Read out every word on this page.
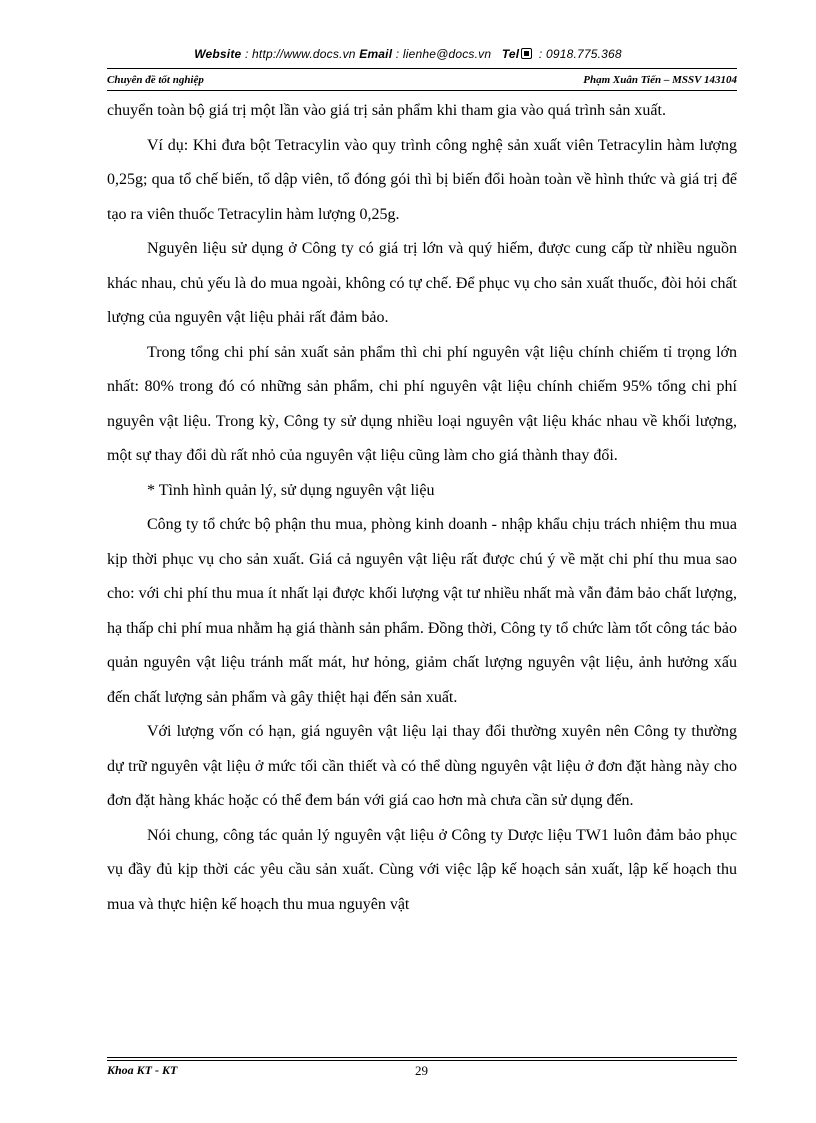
Website : http://www.docs.vn Email : lienhe@docs.vn Tel : 0918.775.368
Chuyên đề tốt nghiệp	Phạm Xuân Tiến – MSSV 143104

chuyển toàn bộ giá trị một lần vào giá trị sản phẩm khi tham gia vào quá trình sản xuất.

Ví dụ: Khi đưa bột Tetracylin vào quy trình công nghệ sản xuất viên Tetracylin hàm lượng 0,25g; qua tổ chế biến, tổ dập viên, tổ đóng gói thì bị biến đổi hoàn toàn về hình thức và giá trị để tạo ra viên thuốc Tetracylin hàm lượng 0,25g.

Nguyên liệu sử dụng ở Công ty có giá trị lớn và quý hiếm, được cung cấp từ nhiều nguồn khác nhau, chủ yếu là do mua ngoài, không có tự chế. Để phục vụ cho sản xuất thuốc, đòi hỏi chất lượng của nguyên vật liệu phải rất đảm bảo.

Trong tổng chi phí sản xuất sản phẩm thì chi phí nguyên vật liệu chính chiếm tỉ trọng lớn nhất: 80% trong đó có những sản phẩm, chi phí nguyên vật liệu chính chiếm 95% tổng chi phí nguyên vật liệu. Trong kỳ, Công ty sử dụng nhiều loại nguyên vật liệu khác nhau về khối lượng, một sự thay đổi dù rất nhỏ của nguyên vật liệu cũng làm cho giá thành thay đổi.

* Tình hình quản lý, sử dụng nguyên vật liệu

Công ty tổ chức bộ phận thu mua, phòng kinh doanh - nhập khẩu chịu trách nhiệm thu mua kịp thời phục vụ cho sản xuất. Giá cả nguyên vật liệu rất được chú ý về mặt chi phí thu mua sao cho: với chi phí thu mua ít nhất lại được khối lượng vật tư nhiều nhất mà vẫn đảm bảo chất lượng, hạ thấp chi phí mua nhằm hạ giá thành sản phẩm. Đồng thời, Công ty tổ chức làm tốt công tác bảo quản nguyên vật liệu tránh mất mát, hư hỏng, giảm chất lượng nguyên vật liệu, ảnh hưởng xấu đến chất lượng sản phẩm và gây thiệt hại đến sản xuất.

Với lượng vốn có hạn, giá nguyên vật liệu lại thay đổi thường xuyên nên Công ty thường dự trữ nguyên vật liệu ở mức tối cần thiết và có thể dùng nguyên vật liệu ở đơn đặt hàng này cho đơn đặt hàng khác hoặc có thể đem bán với giá cao hơn mà chưa cần sử dụng đến.

Nói chung, công tác quản lý nguyên vật liệu ở Công ty Dược liệu TW1 luôn đảm bảo phục vụ đầy đủ kịp thời các yêu cầu sản xuất. Cùng với việc lập kế hoạch sản xuất, lập kế hoạch thu mua và thực hiện kế hoạch thu mua nguyên vật

Khoa KT - KT	29
